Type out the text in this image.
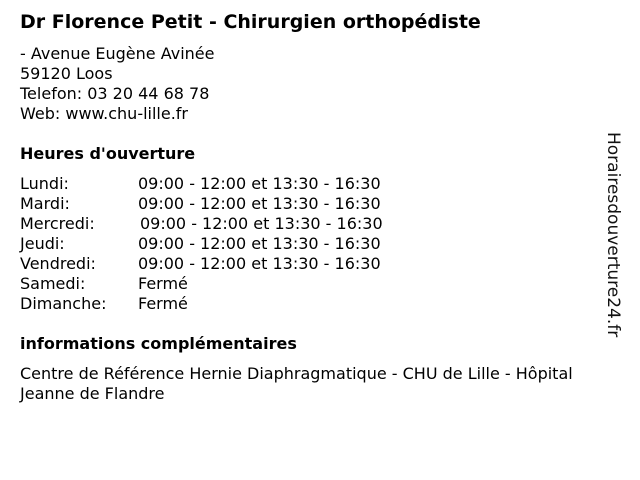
Dr Florence Petit - Chirurgien orthopédiste
- Avenue Eugène Avinée
59120 Loos
Telefon: 03 20 44 68 78
Web: www.chu-lille.fr
Heures d'ouverture
Lundi:	09:00 - 12:00 et 13:30 - 16:30
Mardi:	09:00 - 12:00 et 13:30 - 16:30
Mercredi:	09:00 - 12:00 et 13:30 - 16:30
Jeudi:	09:00 - 12:00 et 13:30 - 16:30
Vendredi:	09:00 - 12:00 et 13:30 - 16:30
Samedi:	Fermé
Dimanche:	Fermé
informations complémentaires
Centre de Référence Hernie Diaphragmatique - CHU de Lille - Hôpital Jeanne de Flandre
Horairesdouverture24.fr
